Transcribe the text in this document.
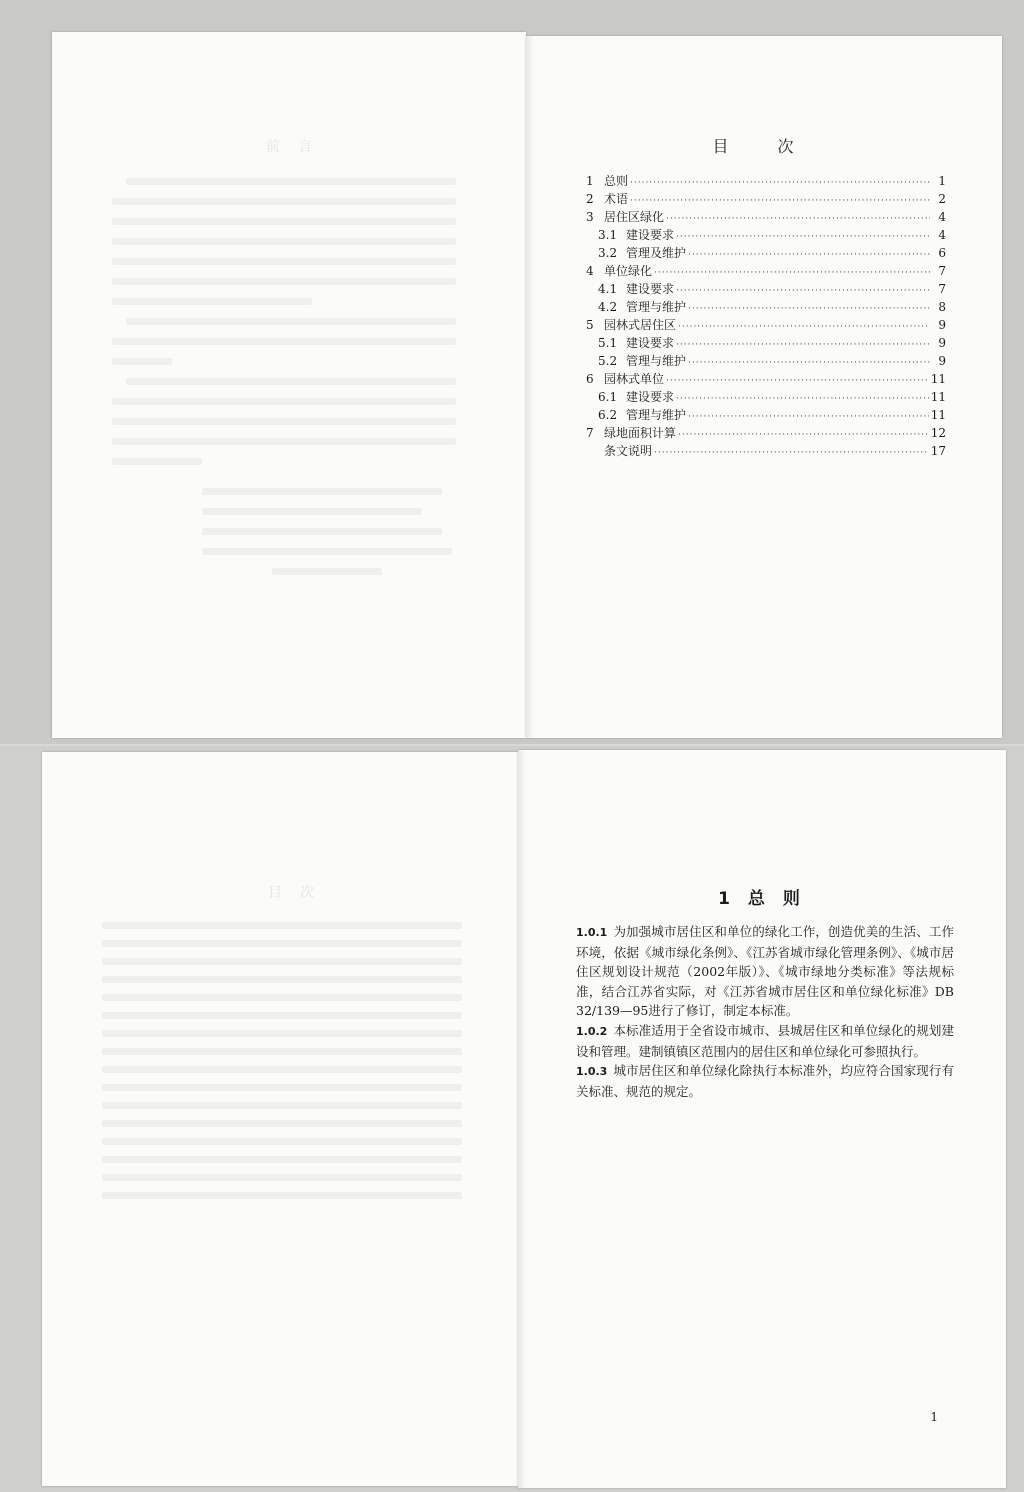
前言	目 次
1 总则 ·····	1
2 术语 ·····	2
3 居住区绿化 ·····	4
3.1 建设要求 ·····	4
3.2 管理及维护 ·····	6
4 单位绿化 ·····	7
4.1 建设要求 ·····	7
4.2 管理与维护 ·····	8
5 园林式居住区 ·····	9
5.1 建设要求 ·····	9
5.2 管理与维护 ·····	9
6 园林式单位 ·····	11
6.1 建设要求 ·····	11
6.2 管理与维护 ·····	11
7 绿地面积计算 ·····	12
条文说明 ·····	17
目次	1 总 则

1.0.1 为加强城市居住区和单位的绿化工作，创造优美的生活、工作环境，依据《城市绿化条例》、《江苏省城市绿化管理条例》、《城市居住区规划设计规范（2002年版）》、《城市绿地分类标准》等法规标准，结合江苏省实际，对《江苏省城市居住区和单位绿化标准》DB 32/139—95进行了修订，制定本标准。

1.0.2 本标准适用于全省设市城市、县城居住区和单位绿化的规划建设和管理。建制镇镇区范围内的居住区和单位绿化可参照执行。

1.0.3 城市居住区和单位绿化除执行本标准外，均应符合国家现行有关标准、规范的规定。

1
